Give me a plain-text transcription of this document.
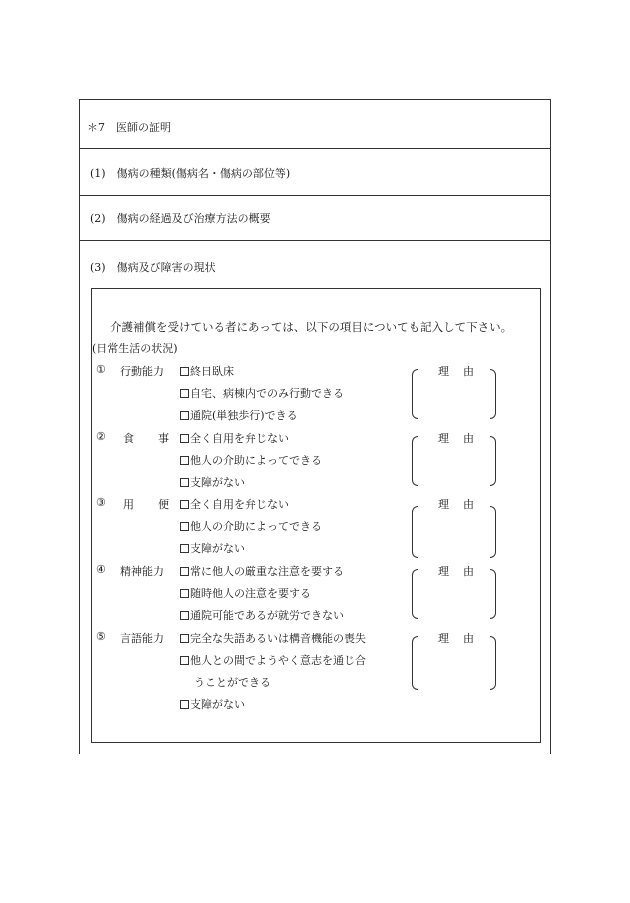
＊7　医師の証明
(1)　傷病の種類(傷病名・傷病の部位等)
(2)　傷病の経過及び治療方法の概要
(3)　傷病及び障害の現状
介護補償を受けている者にあっては、以下の項目についても記入して下さい。
(日常生活の状況)
① 行動能力	終日臥床
自宅、病棟内でのみ行動できる
通院(単独歩行)できる
理由
② 食 事	全く自用を弁じない
他人の介助によってできる
支障がない
理由
③ 用 便	全く自用を弁じない
他人の介助によってできる
支障がない
理由
④ 精神能力	常に他人の厳重な注意を要する
随時他人の注意を要する
通院可能であるが就労できない
理由
⑤ 言語能力	完全な失語あるいは構音機能の喪失
他人との間でようやく意志を通じ合
うことができる
支障がない
理由
